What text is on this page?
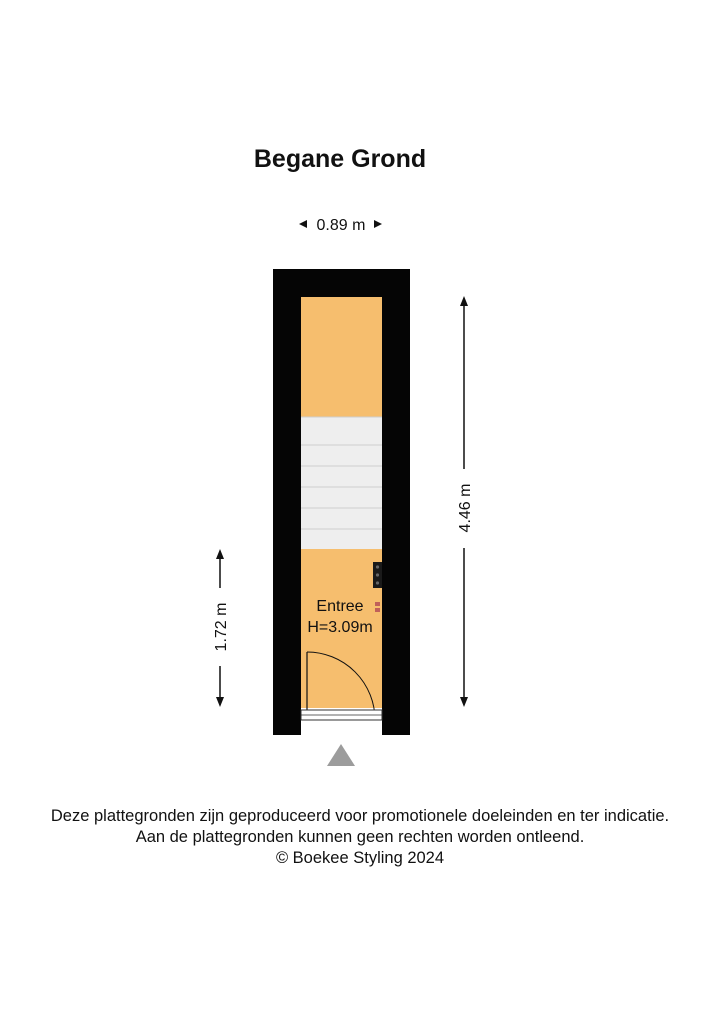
Begane Grond
0.89 m
Entree
H=3.09m
4.46 m
1.72 m
Deze plattegronden zijn geproduceerd voor promotionele doeleinden en ter indicatie.
Aan de plattegronden kunnen geen rechten worden ontleend.
© Boekee Styling 2024
